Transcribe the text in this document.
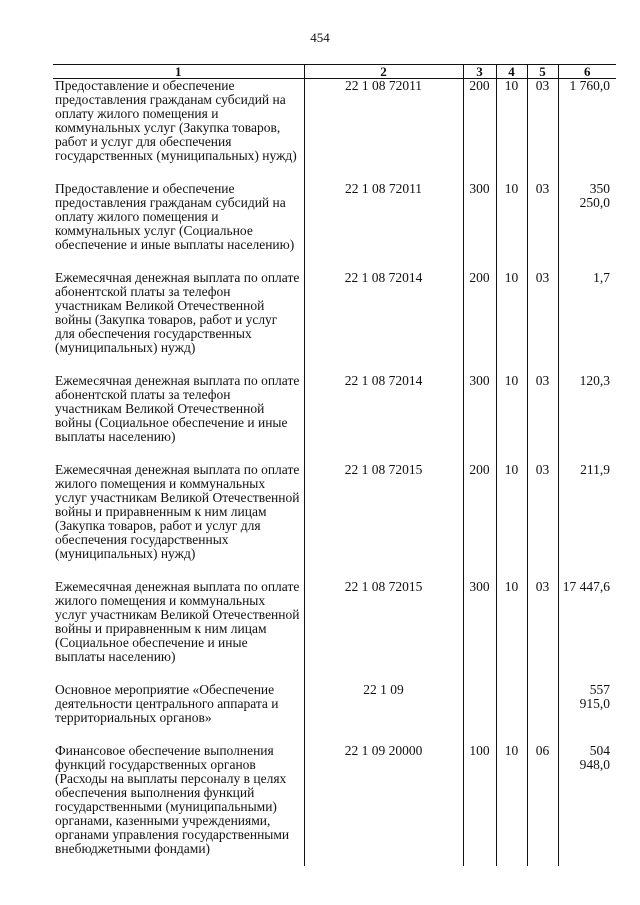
454
1	2	3	4	5	6
Предоставление и обеспечение предоставления гражданам субсидий на оплату жилого помещения и коммунальных услуг (Закупка товаров, работ и услуг для обеспечения государственных (муниципальных) нужд)	22 1 08 72011	200	10	03	1 760,0
Предоставление и обеспечение предоставления гражданам субсидий на оплату жилого помещения и коммунальных услуг (Социальное обеспечение и иные выплаты населению)	22 1 08 72011	300	10	03	350 250,0
Ежемесячная денежная выплата по оплате абонентской платы за телефон участникам Великой Отечественной войны (Закупка товаров, работ и услуг для обеспечения государственных (муниципальных) нужд)	22 1 08 72014	200	10	03	1,7
Ежемесячная денежная выплата по оплате абонентской платы за телефон участникам Великой Отечественной войны (Социальное обеспечение и иные выплаты населению)	22 1 08 72014	300	10	03	120,3
Ежемесячная денежная выплата по оплате жилого помещения и коммунальных услуг участникам Великой Отечественной войны и приравненным к ним лицам (Закупка товаров, работ и услуг для обеспечения государственных (муниципальных) нужд)	22 1 08 72015	200	10	03	211,9
Ежемесячная денежная выплата по оплате жилого помещения и коммунальных услуг участникам Великой Отечественной войны и приравненным к ним лицам (Социальное обеспечение и иные выплаты населению)	22 1 08 72015	300	10	03	17 447,6
Основное мероприятие «Обеспечение деятельности центрального аппарата и территориальных органов»	22 1 09				557 915,0
Финансовое обеспечение выполнения функций государственных органов (Расходы на выплаты персоналу в целях обеспечения выполнения функций государственными (муниципальными) органами, казенными учреждениями, органами управления государственными внебюджетными фондами)	22 1 09 20000	100	10	06	504 948,0
